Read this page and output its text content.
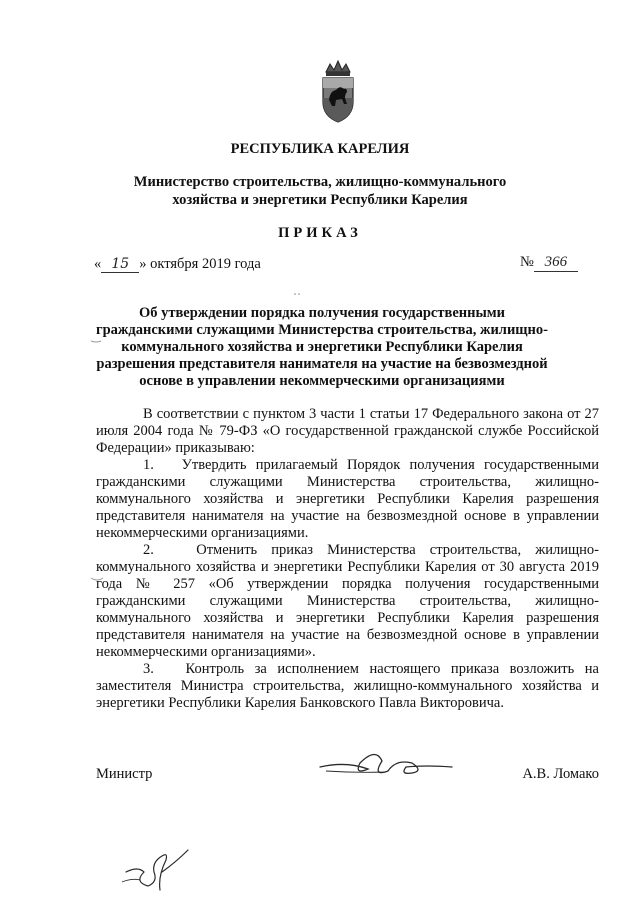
РЕСПУБЛИКА КАРЕЛИЯ
Министерство строительства, жилищно-коммунального хозяйства и энергетики Республики Карелия
ПРИКАЗ
« 15 » октября 2019 года	№ 366
Об утверждении порядка получения государственными гражданскими служащими Министерства строительства, жилищно-коммунального хозяйства и энергетики Республики Карелия разрешения представителя нанимателя на участие на безвозмездной основе в управлении некоммерческими организациями

В соответствии с пунктом 3 части 1 статьи 17 Федерального закона от 27 июля 2004 года № 79-ФЗ «О государственной гражданской службе Российской Федерации» приказываю:

1.   Утвердить прилагаемый Порядок получения государственными гражданскими служащими Министерства строительства, жилищно-коммунального хозяйства и энергетики Республики Карелия разрешения представителя нанимателя на участие на безвозмездной основе в управлении некоммерческими организациями.

2.   Отменить приказ Министерства строительства, жилищно-коммунального хозяйства и энергетики Республики Карелия от 30 августа 2019 года № 257 «Об утверждении порядка получения государственными гражданскими служащими Министерства строительства, жилищно-коммунального хозяйства и энергетики Республики Карелия разрешения представителя нанимателя на участие на безвозмездной основе в управлении некоммерческими организациями».

3.   Контроль за исполнением настоящего приказа возложить на заместителя Министра строительства, жилищно-коммунального хозяйства и энергетики Республики Карелия Банковского Павла Викторовича.

Министр	А.В. Ломако
